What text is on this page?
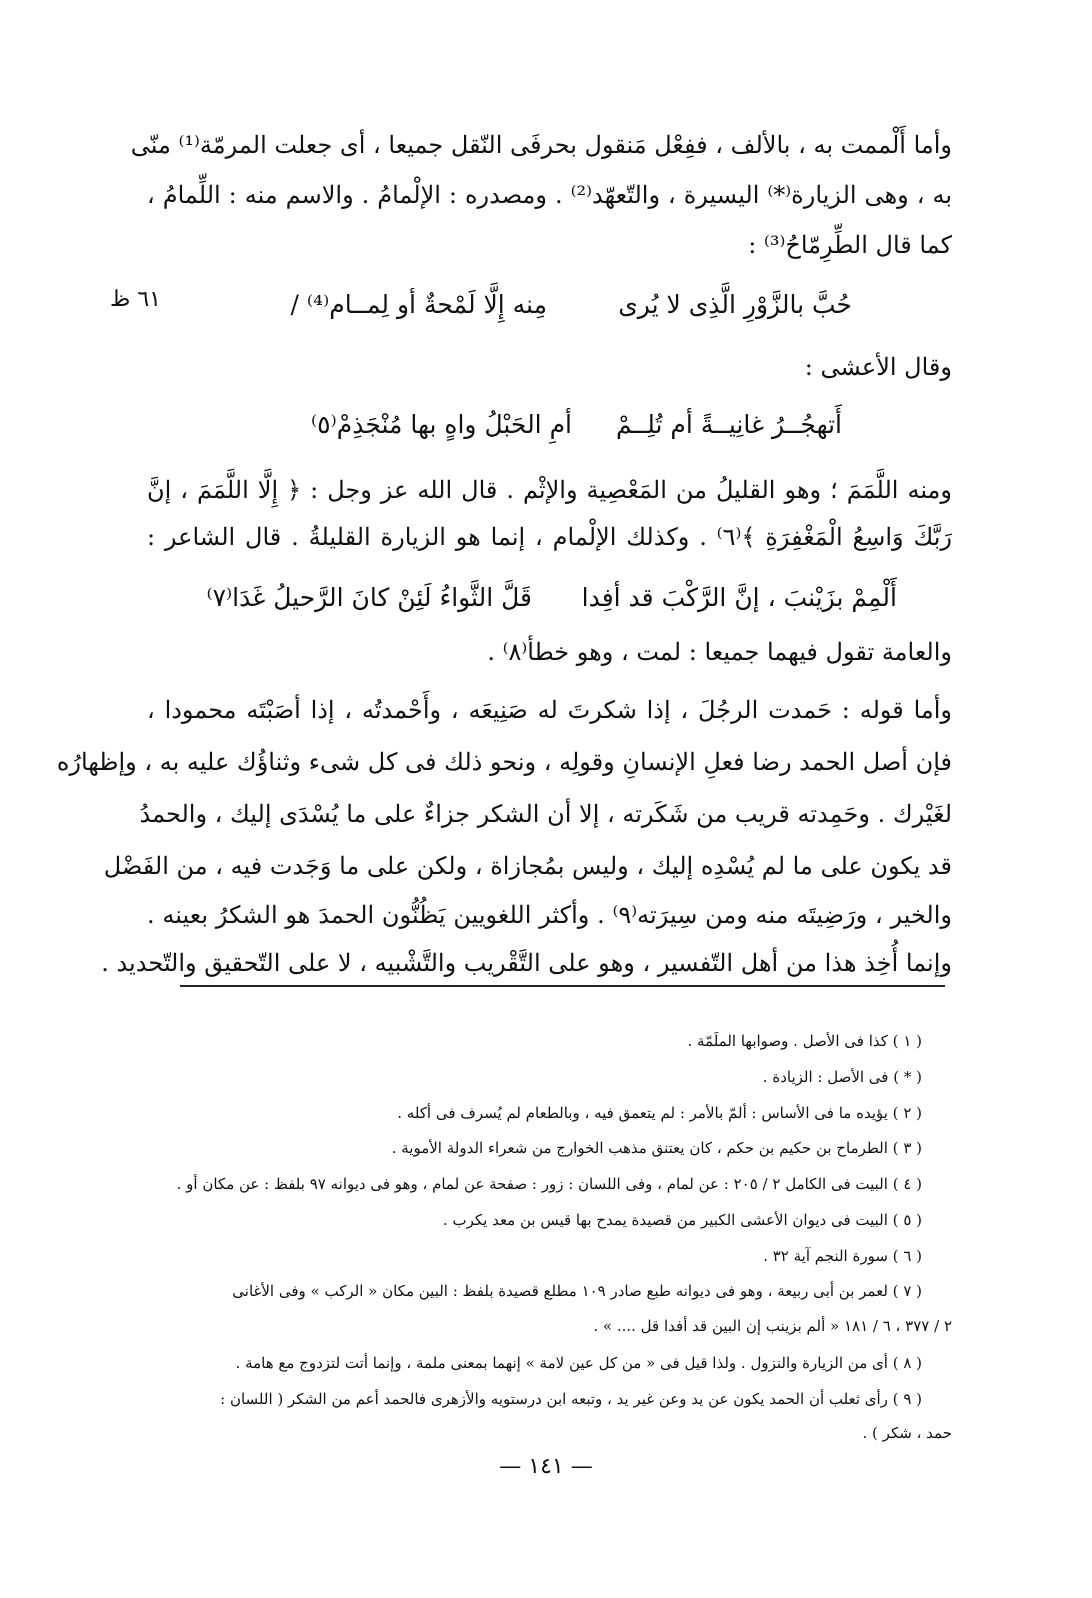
وأما أَلْممت به ، بالألف ، ففِعْل مَنقول بحرفَى النّقل جميعا ، أى جعلت المرمّة⁽¹⁾ منّى
به ، وهى الزيارة⁽*⁾ اليسيرة ، والتّعهّد⁽²⁾ . ومصدره : الإلْمامُ . والاسم منه : اللِّمامُ ،
كما قال الطِّرِمّاحُ⁽³⁾ :
حُبَّ بالزَّوْرِ الَّذِى لا يُرى
مِنه إِلَّا لَمْحةٌ أو لِمــام⁽⁴⁾ /
٦١ ظ
وقال الأعشى :
أَتهجُــرُ غانِيــةً أم تُلِــمْ
أمِ الحَبْلُ واهٍ بها مُنْجَذِمْ⁽٥⁾
ومنه اللَّمَمَ ؛ وهو القليلُ من المَعْصِية والإثْم . قال الله عز وجل : ﴿ إِلَّا اللَّمَمَ ، إنَّ
رَبَّكَ وَاسِعُ الْمَغْفِرَةِ ﴾⁽٦⁾ . وكذلك الإلْمام ، إنما هو الزيارة القليلةُ . قال الشاعر :
أَلْمِمْ بزَيْنبَ ، إنَّ الرَّكْبَ قد أفِدا
قَلَّ الثَّواءُ لَئِنْ كانَ الرَّحيلُ غَدَا⁽٧⁾
والعامة تقول فيهما جميعا : لمت ، وهو خطأ⁽٨⁾ .
وأما قوله : حَمدت الرجُلَ ، إذا شكرتَ له صَنِيعَه ، وأَحْمدتُه ، إذا أصَبْتَه محمودا ،
فإن أصل الحمد رضا فعلِ الإنسانِ وقولِه ، ونحو ذلك فى كل شىء وثناؤُك عليه به ، وإظهارُه
لغَيْرك . وحَمِدته قريب من شَكَرته ، إلا أن الشكر جزاءٌ على ما يُسْدَى إليك ، والحمدُ
قد يكون على ما لم يُسْدِه إليك ، وليس بمُجازاة ، ولكن على ما وَجَدت فيه ، من الفَضْل
والخير ، ورَضِيتَه منه ومن سِيرَته⁽٩⁾ . وأكثر اللغويين يَظُنُّون الحمدَ هو الشكرُ بعينه .
وإنما أُخِذ هذا من أهل التّفسير ، وهو على التَّقْريب والتَّشْبيه ، لا على التّحقيق والتّحديد .
( ١ ) كذا فى الأصل . وصوابها الملَمّة .
( * ) فى الأصل : الزيادة .
( ٢ ) يؤيده ما فى الأساس : ألمّ بالأمر : لم يتعمق فيه ، وبالطعام لم يُسرف فى أكله .
( ٣ ) الطرماح بن حكيم بن حكم ، كان يعتنق مذهب الخوارج من شعراء الدولة الأموية .
( ٤ ) البيت فى الكامل ٢ / ٢٠٥ : عن لمام ، وفى اللسان : زور : صفحة عن لمام ، وهو فى ديوانه ٩٧ بلفظ : عن مكان أو .
( ٥ ) البيت فى ديوان الأعشى الكبير من قصيدة يمدح بها قيس بن معد يكرب .
( ٦ ) سورة النجم آية ٣٢ .
( ٧ ) لعمر بن أبى ربيعة ، وهو فى ديوانه طبع صادر ١٠٩ مطلع قصيدة بلفظ : البين مكان « الركب » وفى الأغانى
٢ / ٣٧٧ ، ٦ / ١٨١ « ألم بزينب إن البين قد أفدا قل .... » .
( ٨ ) أى من الزيارة والنزول . ولذا قيل فى « من كل عين لامة » إنهما بمعنى ملمة ، وإنما أتت لتزدوج مع هامة .
( ٩ ) رأى ثعلب أن الحمد يكون عن يد وعن غير يد ، وتبعه ابن درستويه والأزهرى فالحمد أعم من الشكر ( اللسان :
حمد ، شكر ) .
— ١٤١ —
